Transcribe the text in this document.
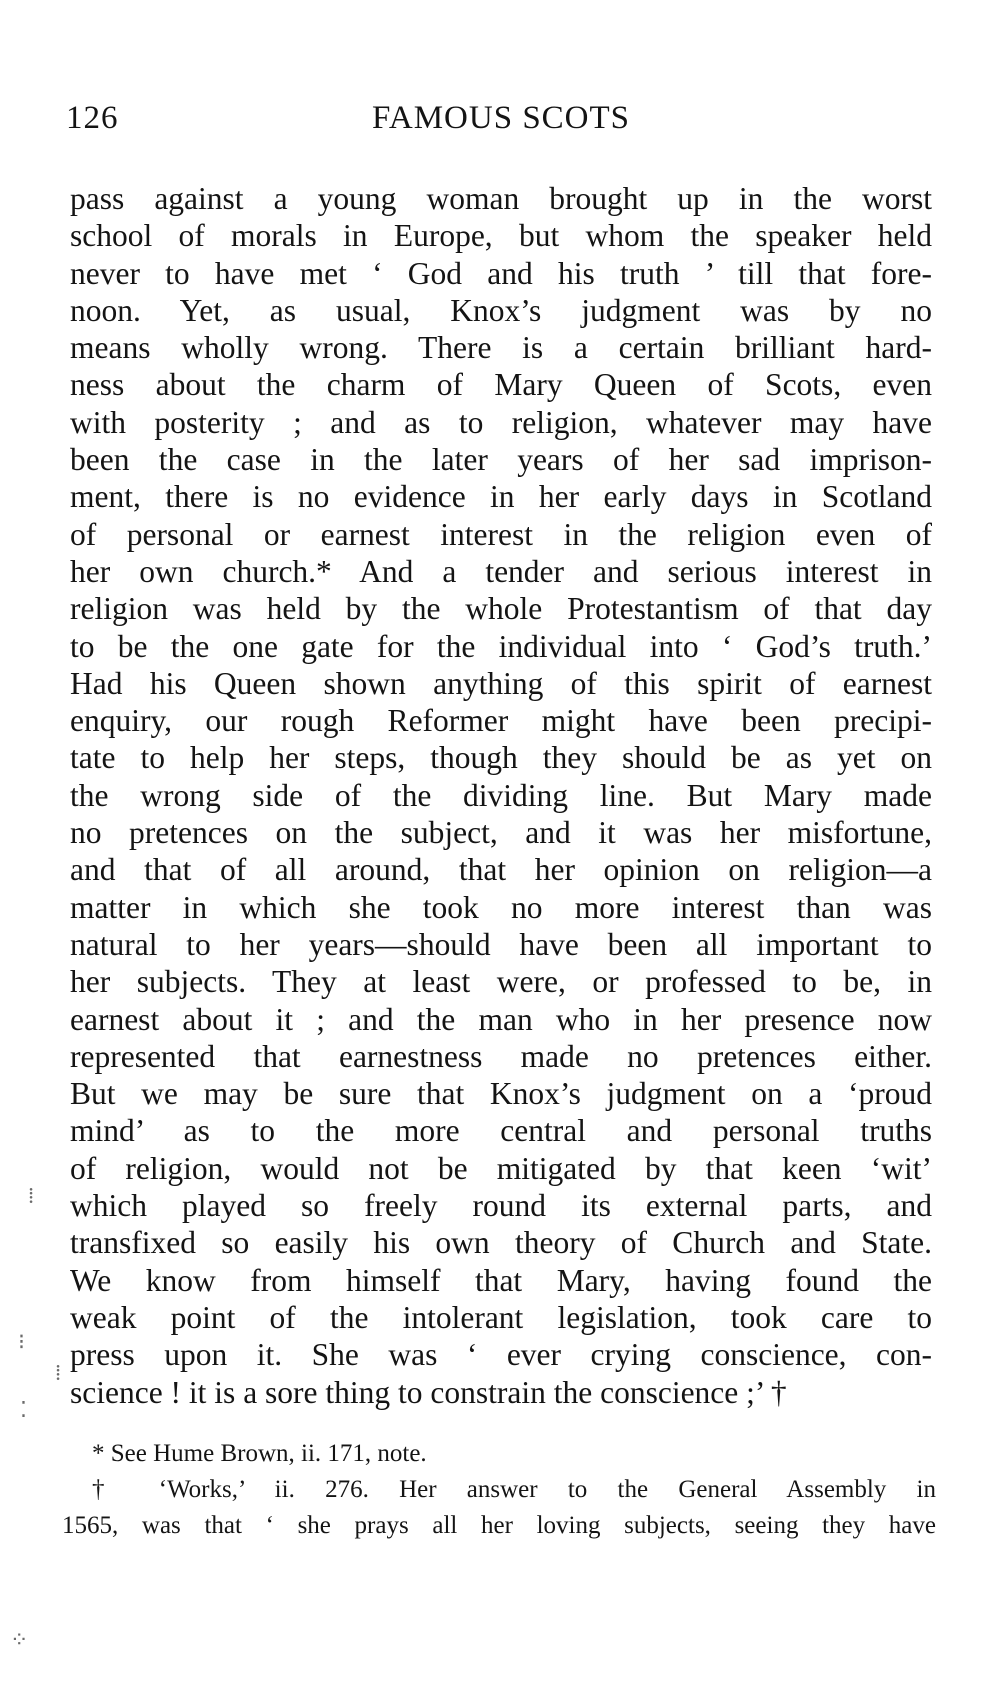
126	FAMOUS SCOTS
pass against a young woman brought up in the worst
school of morals in Europe, but whom the speaker held
never to have met ‘ God and his truth ’ till that fore-
noon. Yet, as usual, Knox’s judgment was by no
means wholly wrong. There is a certain brilliant hard-
ness about the charm of Mary Queen of Scots, even
with posterity ; and as to religion, whatever may have
been the case in the later years of her sad imprison-
ment, there is no evidence in her early days in Scotland
of personal or earnest interest in the religion even of
her own church.* And a tender and serious interest in
religion was held by the whole Protestantism of that day
to be the one gate for the individual into ‘ God’s truth.’
Had his Queen shown anything of this spirit of earnest
enquiry, our rough Reformer might have been precipi-
tate to help her steps, though they should be as yet on
the wrong side of the dividing line. But Mary made
no pretences on the subject, and it was her misfortune,
and that of all around, that her opinion on religion—a
matter in which she took no more interest than was
natural to her years—should have been all important to
her subjects. They at least were, or professed to be, in
earnest about it ; and the man who in her presence now
represented that earnestness made no pretences either.
But we may be sure that Knox’s judgment on a ‘proud
mind’ as to the more central and personal truths
of religion, would not be mitigated by that keen ‘wit’
which played so freely round its external parts, and
transfixed so easily his own theory of Church and State.
We know from himself that Mary, having found the
weak point of the intolerant legislation, took care to
press upon it. She was ‘ ever crying conscience, con-
science ! it is a sore thing to constrain the conscience ;’ †
* See Hume Brown, ii. 171, note.
† ‘Works,’ ii. 276. Her answer to the General Assembly in
1565, was that ‘ she prays all her loving subjects, seeing they have
⁞
⁝
⁞
⁚
⁘
